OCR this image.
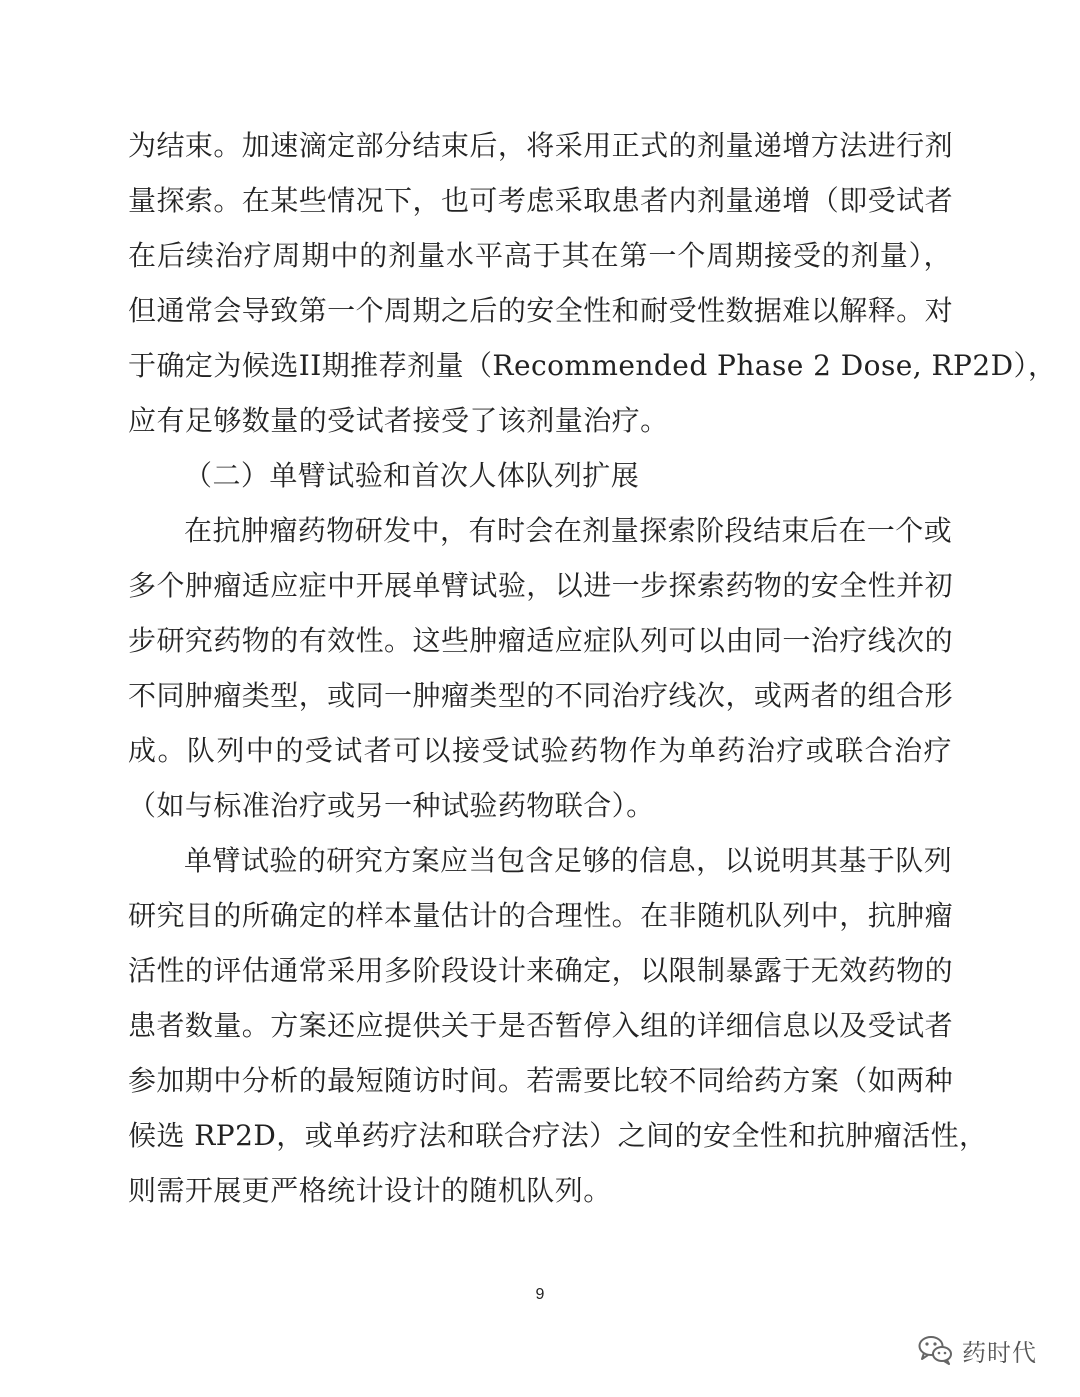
为结束。加速滴定部分结束后，将采用正式的剂量递增方法进行剂
量探索。在某些情况下，也可考虑采取患者内剂量递增（即受试者
在后续治疗周期中的剂量水平高于其在第一个周期接受的剂量），
但通常会导致第一个周期之后的安全性和耐受性数据难以解释。对
于确定为候选II期推荐剂量（Recommended Phase 2 Dose, RP2D），
应有足够数量的受试者接受了该剂量治疗。
（二）单臂试验和首次人体队列扩展
在抗肿瘤药物研发中，有时会在剂量探索阶段结束后在一个或
多个肿瘤适应症中开展单臂试验，以进一步探索药物的安全性并初
步研究药物的有效性。这些肿瘤适应症队列可以由同一治疗线次的
不同肿瘤类型，或同一肿瘤类型的不同治疗线次，或两者的组合形
成。队列中的受试者可以接受试验药物作为单药治疗或联合治疗
（如与标准治疗或另一种试验药物联合）。
单臂试验的研究方案应当包含足够的信息，以说明其基于队列
研究目的所确定的样本量估计的合理性。在非随机队列中，抗肿瘤
活性的评估通常采用多阶段设计来确定，以限制暴露于无效药物的
患者数量。方案还应提供关于是否暂停入组的详细信息以及受试者
参加期中分析的最短随访时间。若需要比较不同给药方案（如两种
候选 RP2D，或单药疗法和联合疗法）之间的安全性和抗肿瘤活性，
则需开展更严格统计设计的随机队列。
9
药时代
